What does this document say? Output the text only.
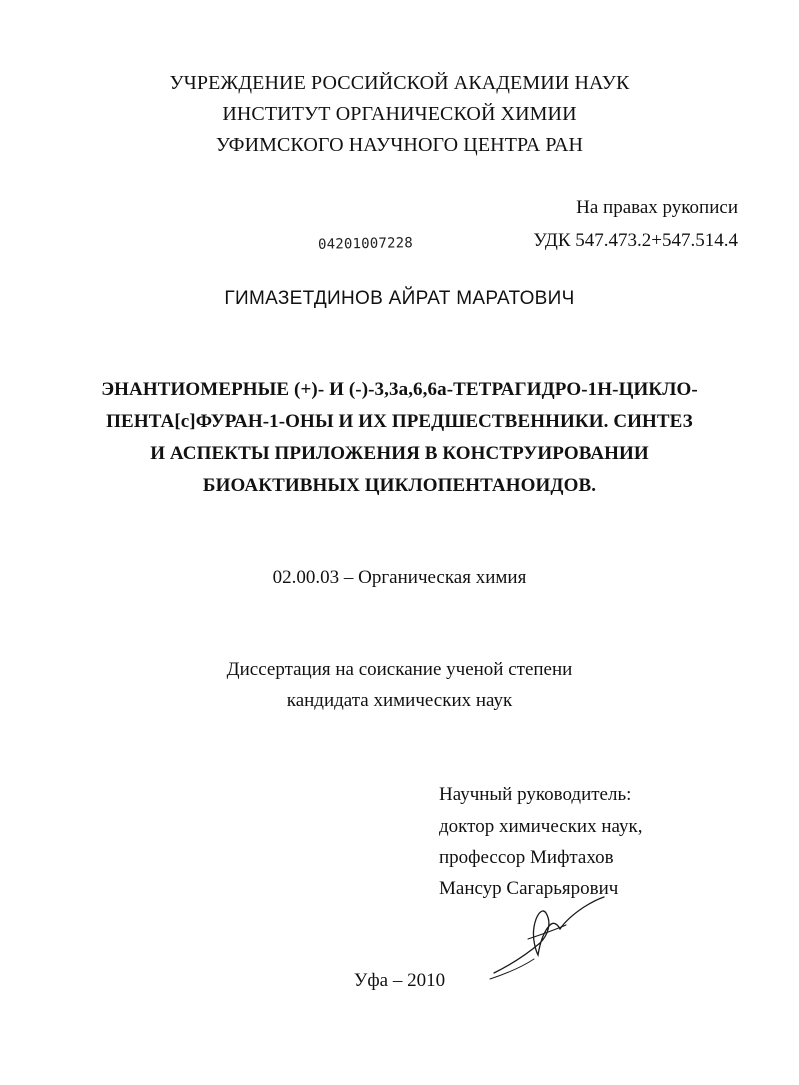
УЧРЕЖДЕНИЕ РОССИЙСКОЙ АКАДЕМИИ НАУК
ИНСТИТУТ ОРГАНИЧЕСКОЙ ХИМИИ
УФИМСКОГО НАУЧНОГО ЦЕНТРА РАН
На правах рукописи
УДК 547.473.2+547.514.4
04201007228
ГИМАЗЕТДИНОВ АЙРАТ МАРАТОВИЧ
ЭНАНТИОМЕРНЫЕ (+)- И (-)-3,3а,6,6а-ТЕТРАГИДРО-1H-ЦИКЛО-
ПЕНТА[c]ФУРАН-1-ОНЫ И ИХ ПРЕДШЕСТВЕННИКИ. СИНТЕЗ
И АСПЕКТЫ ПРИЛОЖЕНИЯ В КОНСТРУИРОВАНИИ
БИОАКТИВНЫХ ЦИКЛОПЕНТАНОИДОВ.
02.00.03 – Органическая химия
Диссертация на соискание ученой степени
кандидата химических наук
Научный руководитель:
доктор химических наук,
профессор Мифтахов
Мансур Сагарьярович
Уфа – 2010
